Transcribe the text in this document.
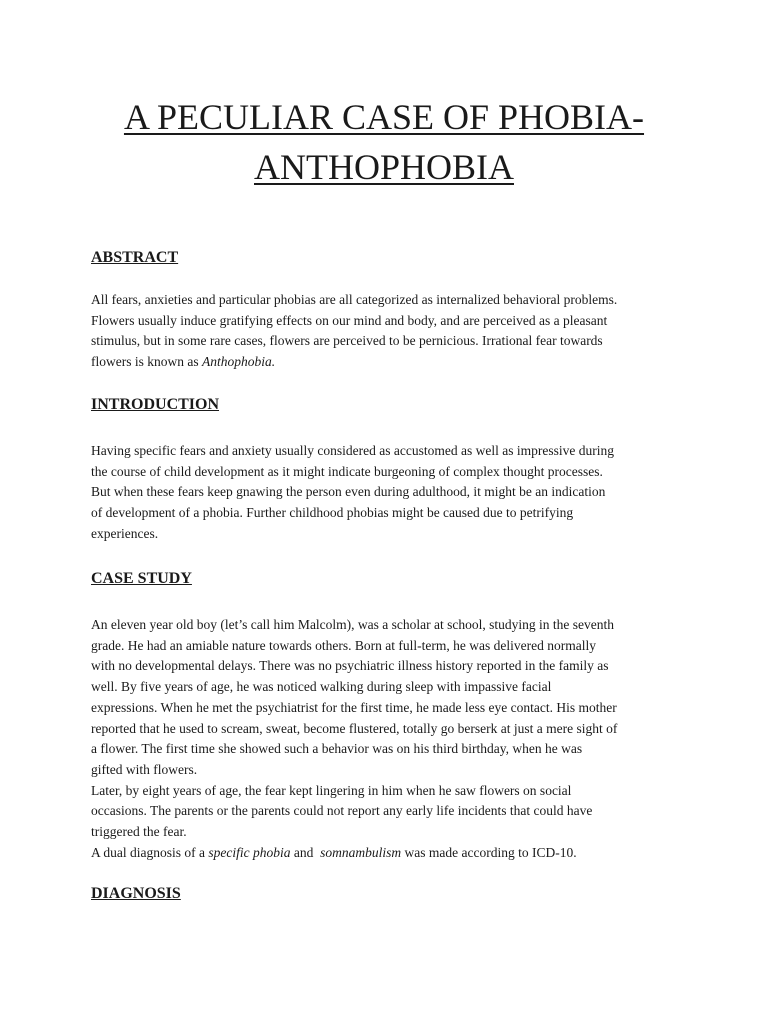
A PECULIAR CASE OF PHOBIA-
ANTHOPHOBIA
ABSTRACT
All fears, anxieties and particular phobias are all categorized as internalized behavioral problems.
Flowers usually induce gratifying effects on our mind and body, and are perceived as a pleasant
stimulus, but in some rare cases, flowers are perceived to be pernicious. Irrational fear towards
flowers is known as Anthophobia.
INTRODUCTION
Having specific fears and anxiety usually considered as accustomed as well as impressive during
the course of child development as it might indicate burgeoning of complex thought processes.
But when these fears keep gnawing the person even during adulthood, it might be an indication
of development of a phobia. Further childhood phobias might be caused due to petrifying
experiences.
CASE STUDY
An eleven year old boy (let’s call him Malcolm), was a scholar at school, studying in the seventh
grade. He had an amiable nature towards others. Born at full-term, he was delivered normally
with no developmental delays. There was no psychiatric illness history reported in the family as
well. By five years of age, he was noticed walking during sleep with impassive facial
expressions. When he met the psychiatrist for the first time, he made less eye contact. His mother
reported that he used to scream, sweat, become flustered, totally go berserk at just a mere sight of
a flower. The first time she showed such a behavior was on his third birthday, when he was
gifted with flowers.
Later, by eight years of age, the fear kept lingering in him when he saw flowers on social
occasions. The parents or the parents could not report any early life incidents that could have
triggered the fear.
A dual diagnosis of a specific phobia and  somnambulism was made according to ICD-10.
DIAGNOSIS
